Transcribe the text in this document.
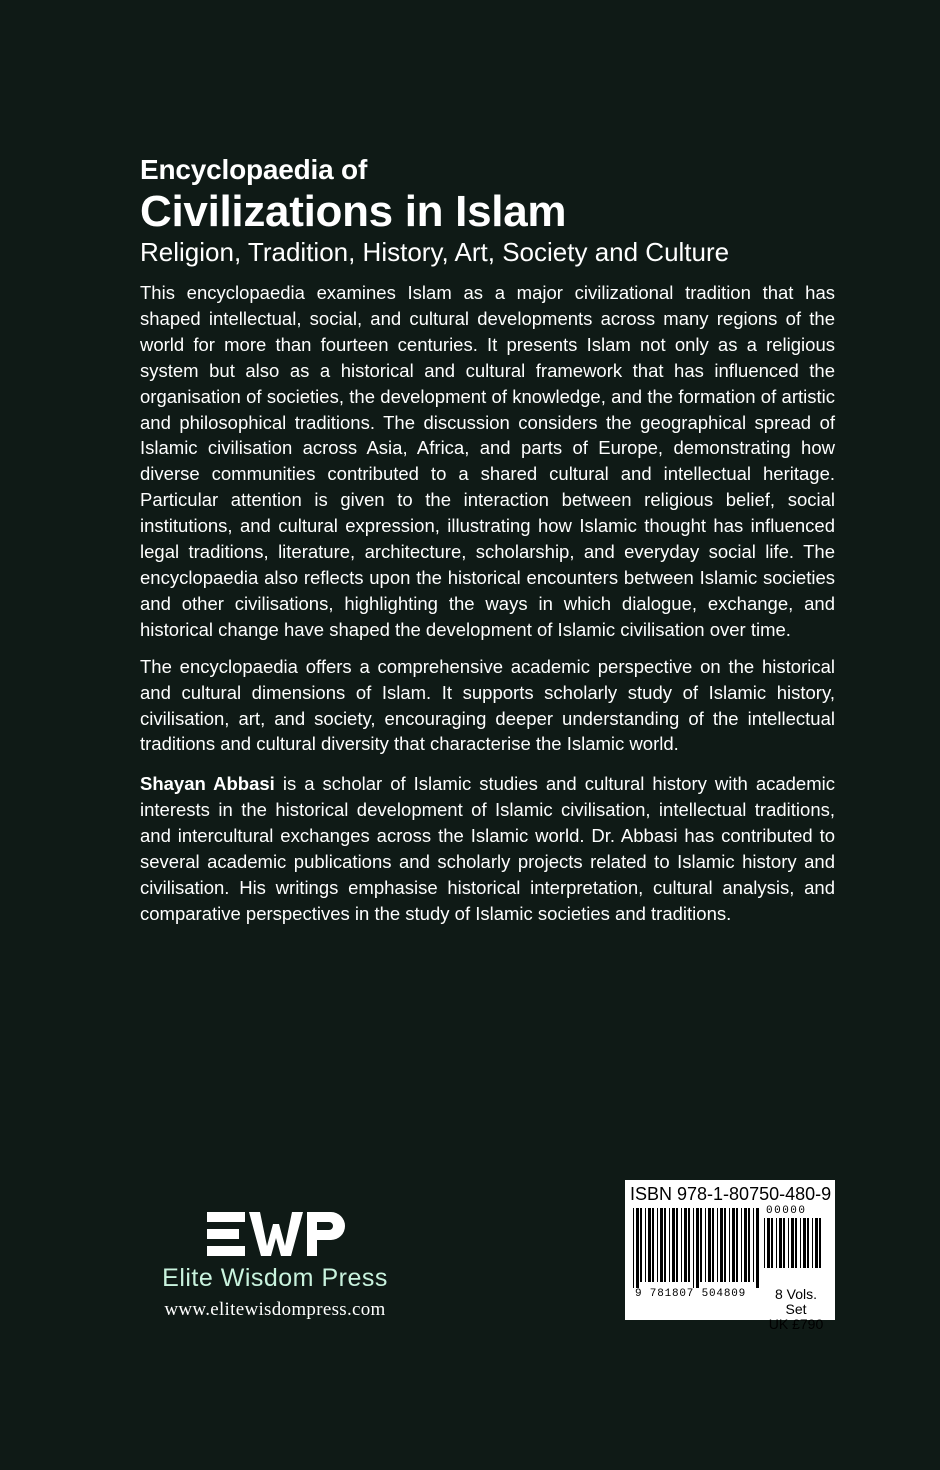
Encyclopaedia of
Civilizations in Islam
Religion, Tradition, History, Art, Society and Culture

This encyclopaedia examines Islam as a major civilizational tradition that has shaped intellectual, social, and cultural developments across many regions of the world for more than fourteen centuries. It presents Islam not only as a religious system but also as a historical and cultural framework that has influenced the organisation of societies, the development of knowledge, and the formation of artistic and philosophical traditions. The discussion considers the geographical spread of Islamic civilisation across Asia, Africa, and parts of Europe, demonstrating how diverse communities contributed to a shared cultural and intellectual heritage. Particular attention is given to the interaction between religious belief, social institutions, and cultural expression, illustrating how Islamic thought has influenced legal traditions, literature, architecture, scholarship, and everyday social life. The encyclopaedia also reflects upon the historical encounters between Islamic societies and other civilisations, highlighting the ways in which dialogue, exchange, and historical change have shaped the development of Islamic civilisation over time.

The encyclopaedia offers a comprehensive academic perspective on the historical and cultural dimensions of Islam. It supports scholarly study of Islamic history, civilisation, art, and society, encouraging deeper understanding of the intellectual traditions and cultural diversity that characterise the Islamic world.

Shayan Abbasi is a scholar of Islamic studies and cultural history with academic interests in the historical development of Islamic civilisation, intellectual traditions, and intercultural exchanges across the Islamic world. Dr. Abbasi has contributed to several academic publications and scholarly projects related to Islamic history and civilisation. His writings emphasise historical interpretation, cultural analysis, and comparative perspectives in the study of Islamic societies and traditions.

Elite Wisdom Press
www.elitewisdompress.com
ISBN 978-1-80750-480-9
00000
9 781807 504809	8 Vols. Set
UK £790
